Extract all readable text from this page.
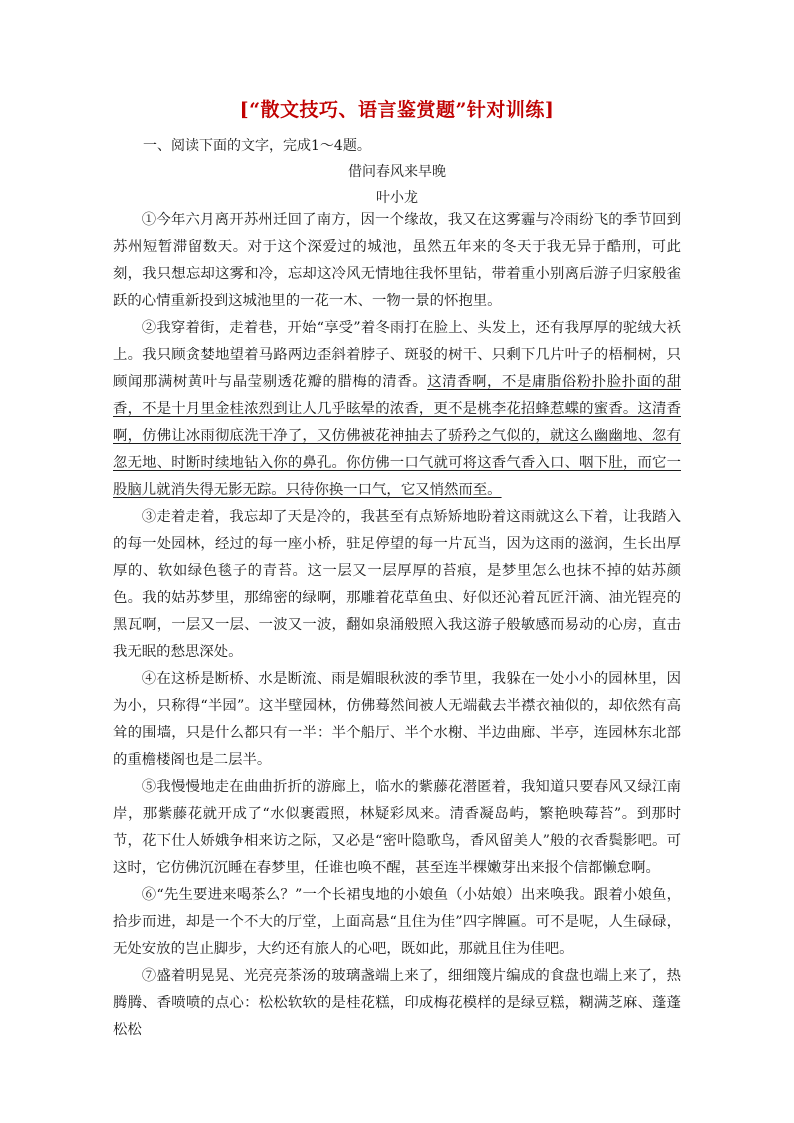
[“散文技巧、语言鉴赏题”针对训练]
一、阅读下面的文字，完成1～4题。
借问春风来早晚
叶小龙

①今年六月离开苏州迁回了南方，因一个缘故，我又在这雾霾与冷雨纷飞的季节回到苏州短暂滞留数天。对于这个深爱过的城池，虽然五年来的冬天于我无异于酷刑，可此刻，我只想忘却这雾和冷，忘却这冷风无情地往我怀里钻，带着重小别离后游子归家般雀跃的心情重新投到这城池里的一花一木、一物一景的怀抱里。

②我穿着街，走着巷，开始“享受”着冬雨打在脸上、头发上，还有我厚厚的驼绒大袄上。我只顾贪婪地望着马路两边歪斜着脖子、斑驳的树干、只剩下几片叶子的梧桐树，只顾闻那满树黄叶与晶莹剔透花瓣的腊梅的清香。这清香啊，不是庸脂俗粉扑脸扑面的甜香，不是十月里金桂浓烈到让人几乎眩晕的浓香，更不是桃李花招蜂惹蝶的蜜香。这清香啊，仿佛让冰雨彻底洗干净了，又仿佛被花神抽去了骄矜之气似的，就这么幽幽地、忽有忽无地、时断时续地钻入你的鼻孔。你仿佛一口气就可将这香气香入口、咽下肚，而它一股脑儿就消失得无影无踪。只待你换一口气，它又悄然而至。

③走着走着，我忘却了天是冷的，我甚至有点矫矫地盼着这雨就这么下着，让我踏入的每一处园林，经过的每一座小桥，驻足停望的每一片瓦当，因为这雨的滋润，生长出厚厚的、软如绿色毯子的青苔。这一层又一层厚厚的苔痕，是梦里怎么也抹不掉的姑苏颜色。我的姑苏梦里，那绵密的绿啊，那雕着花草鱼虫、好似还沁着瓦匠汗滴、油光锃亮的黑瓦啊，一层又一层、一波又一波，翻如泉涌般照入我这游子般敏感而易动的心房，直击我无眠的愁思深处。

④在这桥是断桥、水是断流、雨是媚眼秋波的季节里，我躲在一处小小的园林里，因为小，只称得“半园”。这半壁园林，仿佛蓦然间被人无端截去半襟衣袖似的，却依然有高耸的围墙，只是什么都只有一半：半个船厅、半个水榭、半边曲廊、半亭，连园林东北部的重檐楼阁也是二层半。

⑤我慢慢地走在曲曲折折的游廊上，临水的紫藤花潜匿着，我知道只要春风又绿江南岸，那紫藤花就开成了“水似裹霞照，林疑彩凤来。清香凝岛屿，繁艳映莓苔”。到那时节，花下仕人娇娥争相来访之际，又必是“密叶隐歌鸟，香风留美人”般的衣香鬓影吧。可这时，它仿佛沉沉睡在春梦里，任谁也唤不醒，甚至连半棵嫩芽出来报个信都懒怠啊。

⑥“先生要进来喝茶么？”一个长裙曳地的小娘鱼（小姑娘）出来唤我。跟着小娘鱼，拾步而进，却是一个不大的厅堂，上面高悬“且住为佳”四字牌匾。可不是呢，人生碌碌，无处安放的岂止脚步，大约还有旅人的心吧，既如此，那就且住为佳吧。

⑦盛着明晃晃、光亮亮茶汤的玻璃盏端上来了，细细篾片编成的食盘也端上来了，热腾腾、香喷喷的点心：松松软软的是桂花糕，印成梅花模样的是绿豆糕，糊满芝麻、蓬蓬松松
